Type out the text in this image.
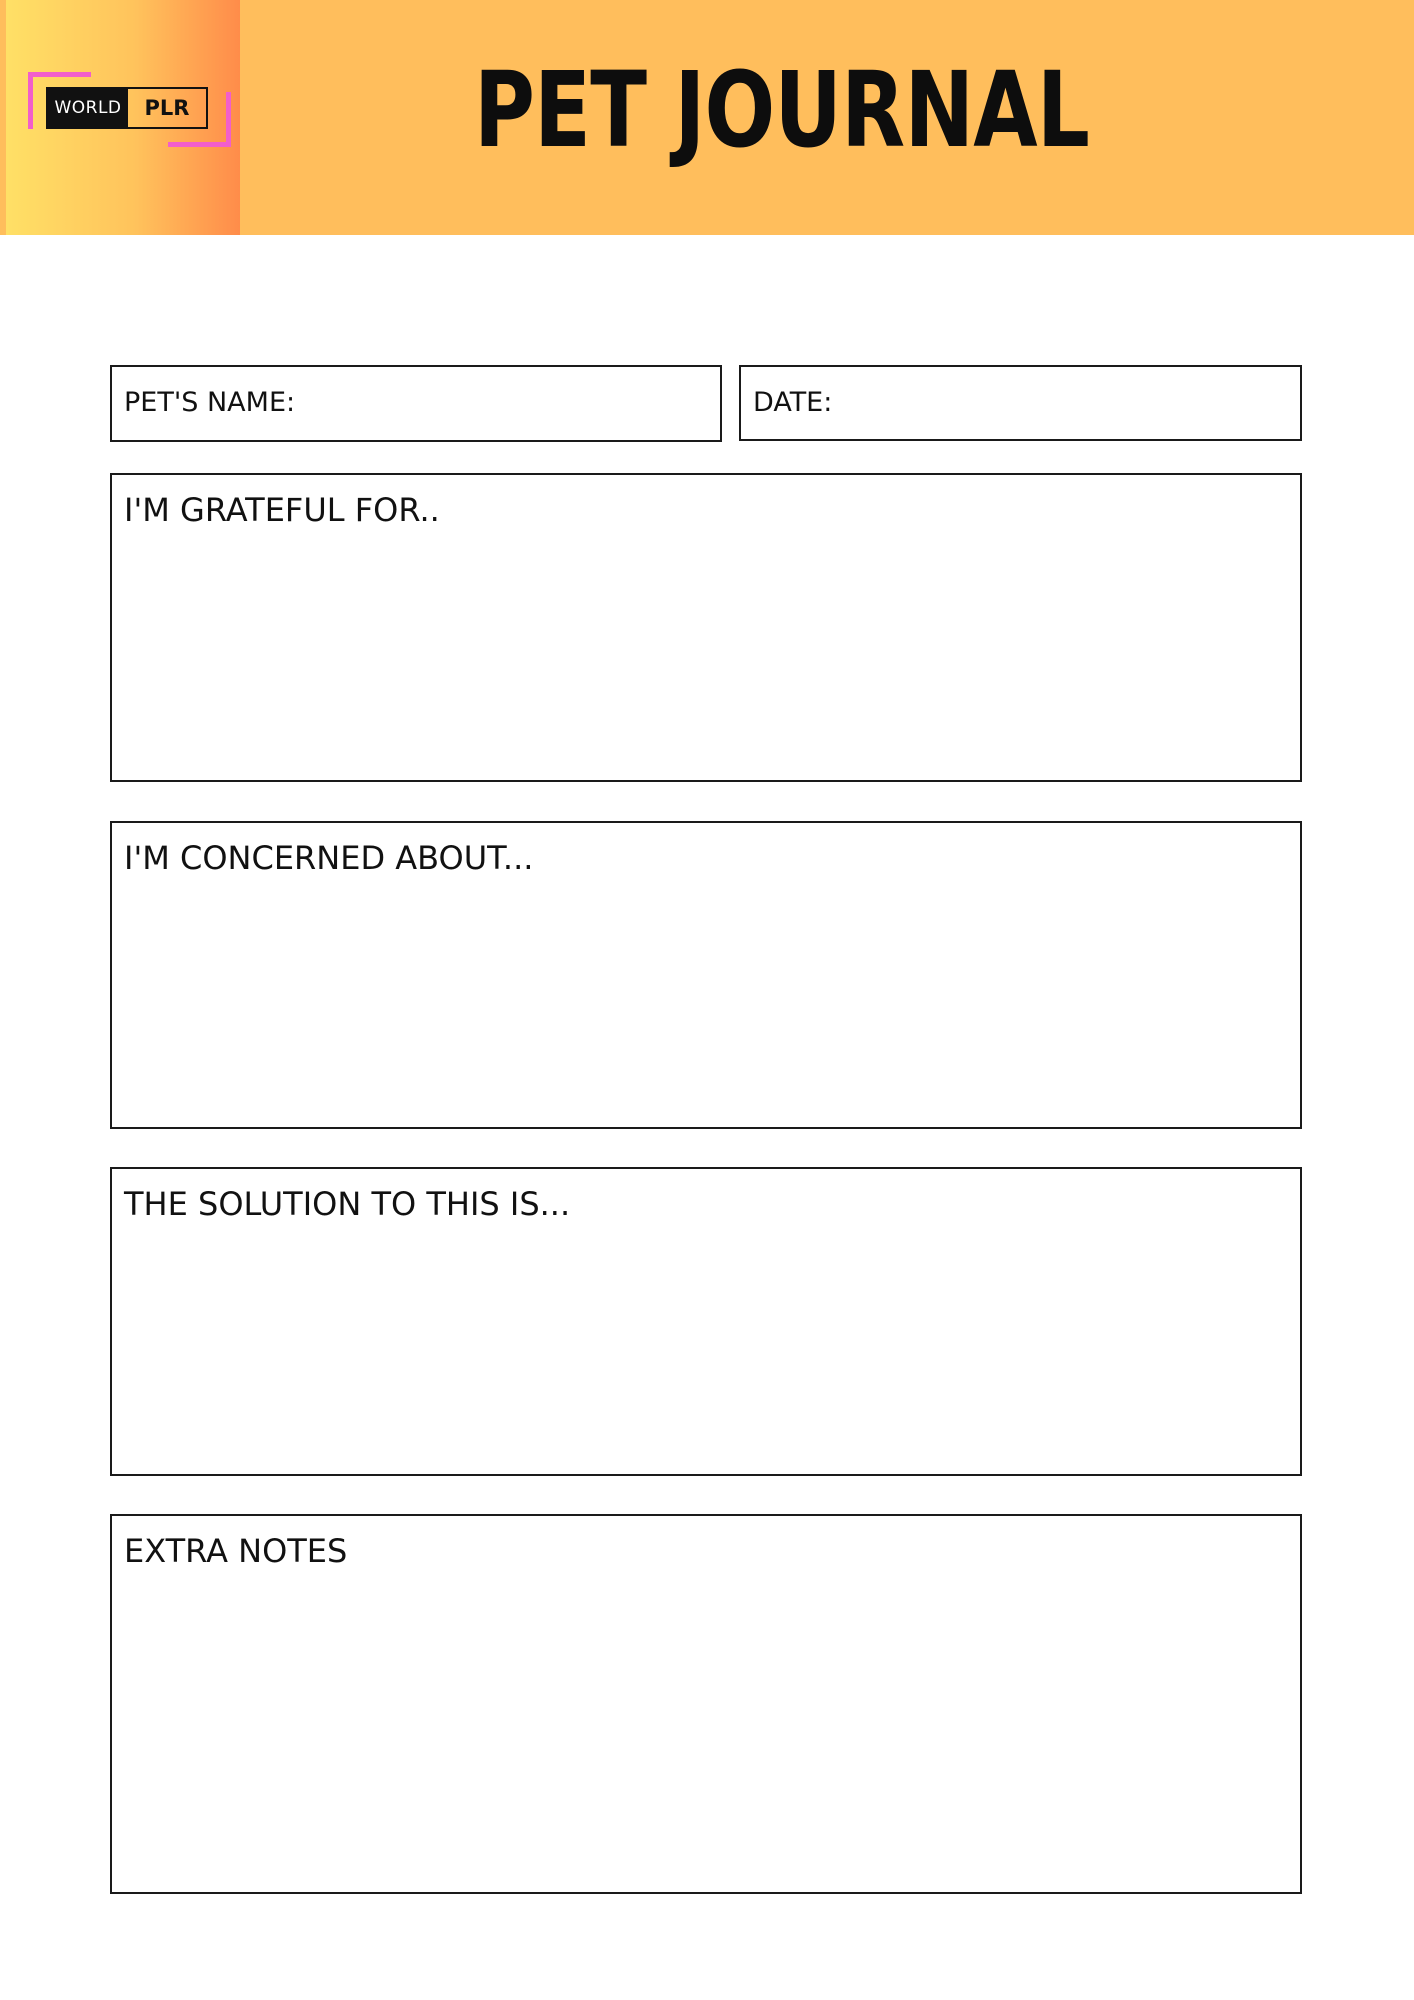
WORLD	PLR	PET JOURNAL
PET'S NAME:	DATE:
I'M GRATEFUL FOR..
I'M CONCERNED ABOUT...
THE SOLUTION TO THIS IS...
EXTRA NOTES
